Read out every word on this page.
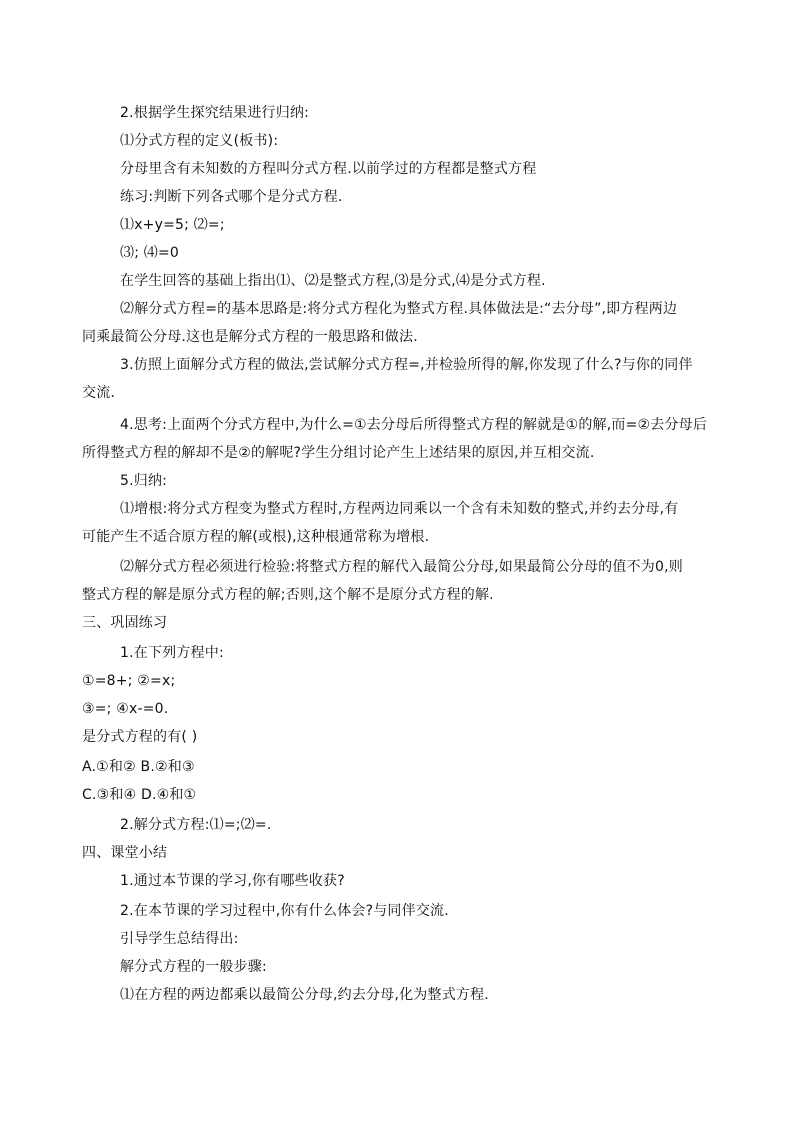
2.根据学生探究结果进行归纳:
⑴分式方程的定义(板书):
分母里含有未知数的方程叫分式方程.以前学过的方程都是整式方程
练习:判断下列各式哪个是分式方程.
⑴x+y=5; ⑵=;
⑶; ⑷=0
在学生回答的基础上指出⑴、⑵是整式方程,⑶是分式,⑷是分式方程.
⑵解分式方程=的基本思路是:将分式方程化为整式方程.具体做法是:“去分母”,即方程两边
同乘最简公分母.这也是解分式方程的一般思路和做法.
3.仿照上面解分式方程的做法,尝试解分式方程=,并检验所得的解,你发现了什么?与你的同伴
交流.
4.思考:上面两个分式方程中,为什么=①去分母后所得整式方程的解就是①的解,而=②去分母后
所得整式方程的解却不是②的解呢?学生分组讨论产生上述结果的原因,并互相交流.
5.归纳:
⑴增根:将分式方程变为整式方程时,方程两边同乘以一个含有未知数的整式,并约去分母,有
可能产生不适合原方程的解(或根),这种根通常称为增根.
⑵解分式方程必须进行检验:将整式方程的解代入最简公分母,如果最简公分母的值不为0,则
整式方程的解是原分式方程的解;否则,这个解不是原分式方程的解.
三、巩固练习
1.在下列方程中:
①=8+; ②=x;
③=; ④x-=0.
是分式方程的有( )
A.①和② B.②和③
C.③和④ D.④和①
2.解分式方程:⑴=;⑵=.
四、课堂小结
1.通过本节课的学习,你有哪些收获?
2.在本节课的学习过程中,你有什么体会?与同伴交流.
引导学生总结得出:
解分式方程的一般步骤:
⑴在方程的两边都乘以最简公分母,约去分母,化为整式方程.
